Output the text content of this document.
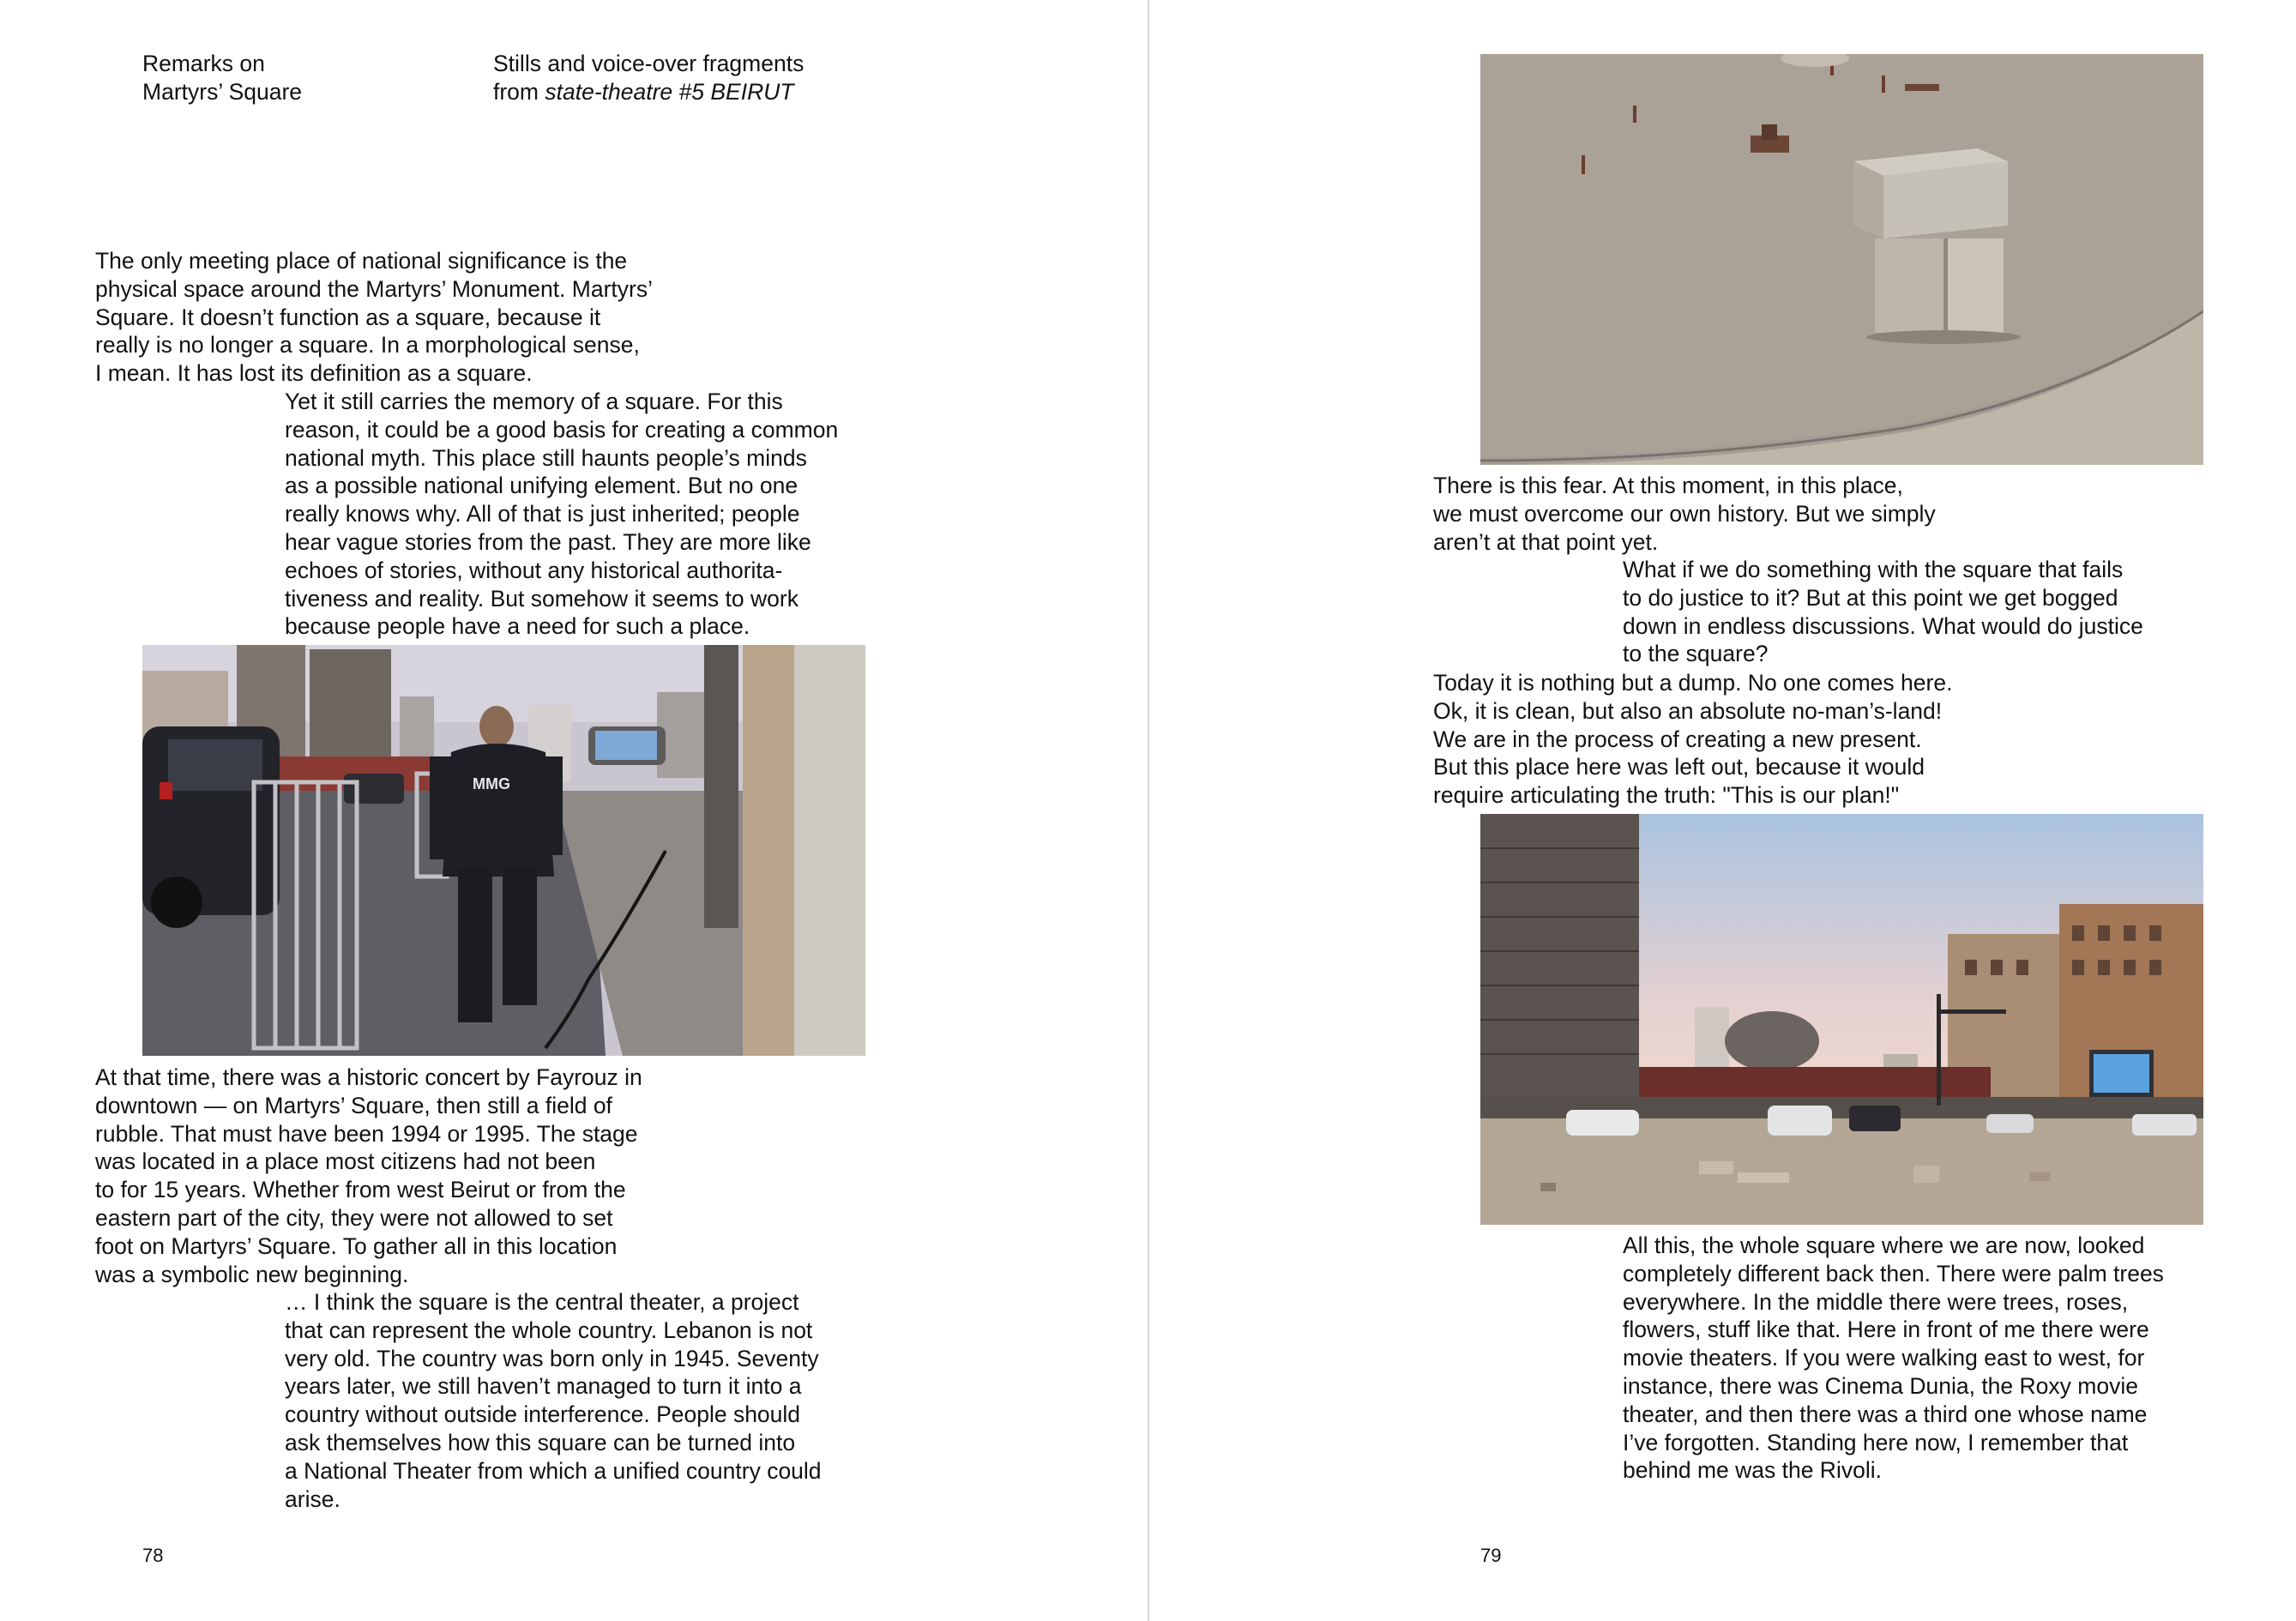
Remarks on
Martyrs’ Square
Stills and voice-over fragments
from state-theatre #5 BEIRUT

The only meeting place of national significance is the
physical space around the Martyrs’ Monument. Martyrs’
Square. It doesn’t function as a square, because it
really is no longer a square. In a morphological sense,
I mean. It has lost its definition as a square.

Yet it still carries the memory of a square. For this
reason, it could be a good basis for creating a common
national myth. This place still haunts people’s minds
as a possible national unifying element. But no one
really knows why. All of that is just inherited; people
hear vague stories from the past. They are more like
echoes of stories, without any historical authorita-
tiveness and reality. But somehow it seems to work
because people have a need for such a place.

MMG

At that time, there was a historic concert by Fayrouz in
downtown — on Martyrs’ Square, then still a field of
rubble. That must have been 1994 or 1995. The stage
was located in a place most citizens had not been
to for 15 years. Whether from west Beirut or from the
eastern part of the city, they were not allowed to set
foot on Martyrs’ Square. To gather all in this location
was a symbolic new beginning.

… I think the square is the central theater, a project
that can represent the whole country. Lebanon is not
very old. The country was born only in 1945. Seventy
years later, we still haven’t managed to turn it into a
country without outside interference. People should
ask themselves how this square can be turned into
a National Theater from which a unified country could
arise.

78

There is this fear. At this moment, in this place,
we must overcome our own history. But we simply
aren’t at that point yet.

What if we do something with the square that fails
to do justice to it? But at this point we get bogged
down in endless discussions. What would do justice
to the square?

Today it is nothing but a dump. No one comes here.
Ok, it is clean, but also an absolute no-man’s-land!
We are in the process of creating a new present.
But this place here was left out, because it would
require articulating the truth: "This is our plan!"

All this, the whole square where we are now, looked
completely different back then. There were palm trees
everywhere. In the middle there were trees, roses,
flowers, stuff like that. Here in front of me there were
movie theaters. If you were walking east to west, for
instance, there was Cinema Dunia, the Roxy movie
theater, and then there was a third one whose name
I’ve forgotten. Standing here now, I remember that
behind me was the Rivoli.

79
